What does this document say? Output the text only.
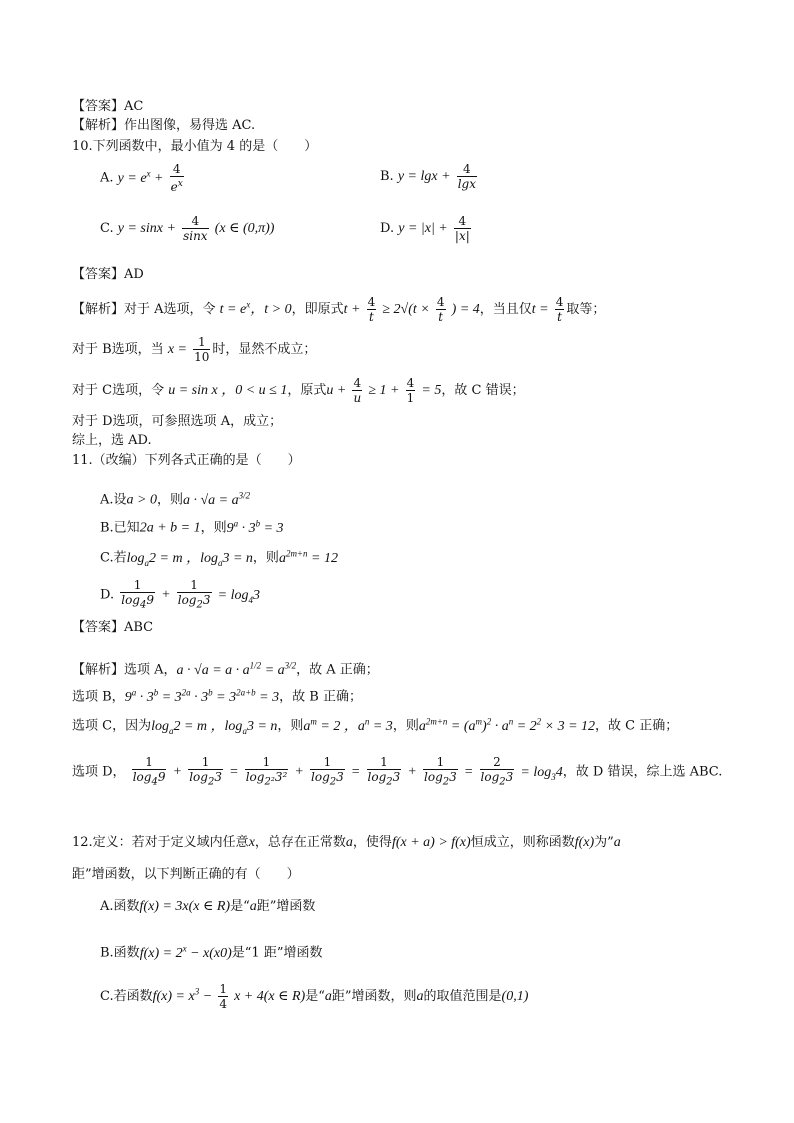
【答案】AC
【解析】作出图像，易得选 AC.
10.下列函数中，最小值为 4 的是（　　）
A. $y = e^x + \frac{4}{e^x}$	B. $y = \lg x + \frac{4}{\lg x}$
C. $y = \sin x + \frac{4}{\sin x} (x$ ∈ (0,π))	D. $y = |x| + \frac{4}{|x|}$
【答案】AD
【解析】对于 A选项，令 $t = e^x$，t > 0，即原式$t + \frac{4}{t} \ge 2√(t \times \frac{4}{t}$ ) = 4，当且仅$t = \frac{4}{t}$ 取等；
对于 B选项，当 $x = \frac{1}{10}$ 时，显然不成立；
对于 C选项，令 u = sin x ，0 < u ≤ 1，原式$u + \frac{4}{u} \ge 1 + \frac{4}{1} = 5$，故 C 错误；
对于 D选项，可参照选项 A，成立；
综上，选 AD.
11.（改编）下列各式正确的是（　　）
A.设a > 0，则$a \cdot √a = a^{3/2}$
B.已知2a + b = 1，则$9^a \cdot 3^b = 3$
C.若$\log_a2 = m$ ，$\log_a3 = n$，则$a^{2m+n} = 12$
D. $\frac{1}{\log_49} + \frac{1}{\log_23} = \log_43$
【答案】ABC
【解析】选项 A，$a \cdot √a = a \cdot a^{1/2} = a^{3/2}$，故 A 正确；
选项 B，$9^a \cdot 3^b = 3^{2a} \cdot 3^b = 3^{2a+b} = 3$，故 B 正确；
选项 C，因为$\log_a2 = m$ ，$\log_a3 = n$，则$a^m = 2$ ，$a^n = 3$，则$a^{2m+n} = (a^m)^2 \cdot a^n = 2^2 \times 3 = 12$，故 C 正确；
选项 D， $\frac{1}{\log_49} + \frac{1}{\log_23} = \frac{1}{\log_{2^2}3^2} + \frac{1}{\log_23} = \frac{1}{\log_23} + \frac{1}{\log_23} = \frac{2}{\log_23} = \log_34$，故 D 错误，综上选 ABC.
12.定义：若对于定义域内任意x，总存在正常数a，使得f(x + a) > f(x)恒成立，则称函数f(x)为”a
距”增函数，以下判断正确的有（　　）
A.函数f(x) = 3x(x ∈ R)是“a距”增函数
B.函数$f(x) = 2^x - x(x0)$是“1 距”增函数
C.若函数$f(x) = x^3 - \frac{1}{4}$ x + 4(x ∈ R)是“a距”增函数，则a的取值范围是(0,1)
